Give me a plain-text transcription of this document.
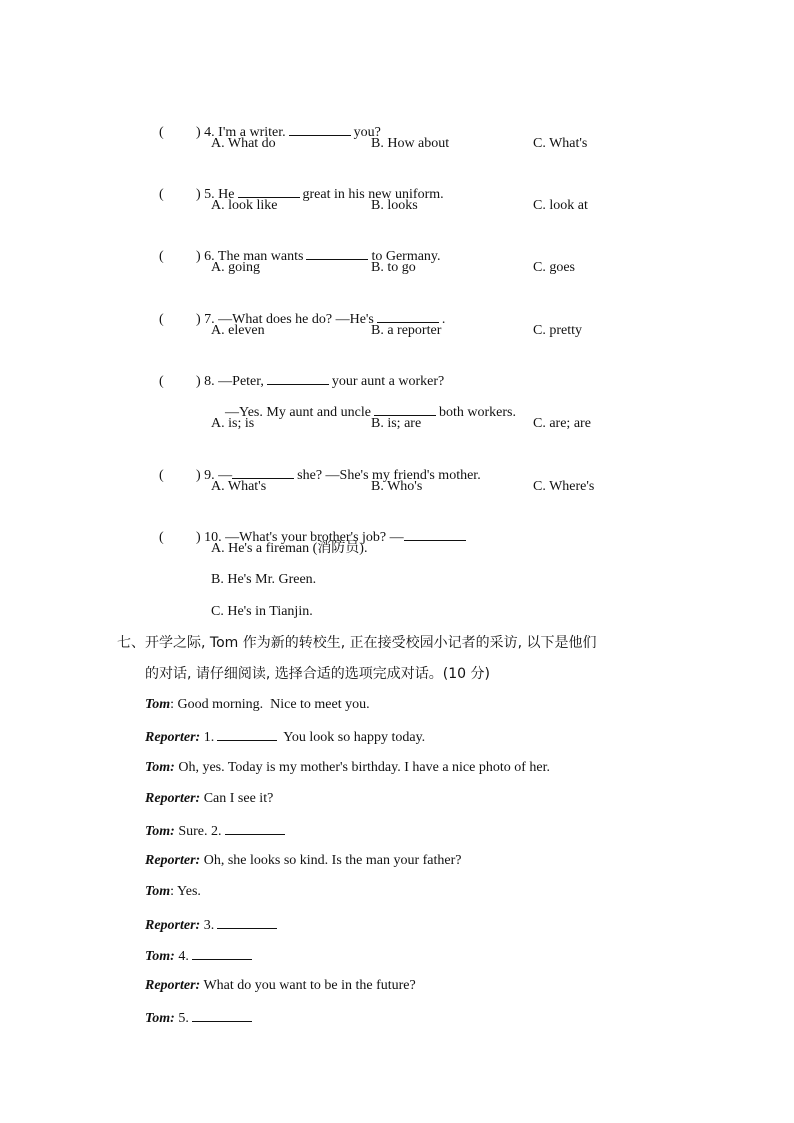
( ) 4. I'm a writer.	you?

A. What do	B. How about	C. What's

( ) 5. He	great in his new uniform.

A. look like	B. looks	C. look at

( ) 6. The man wants	to Germany.

A. going	B. to go	C. goes

( ) 7. —What does he do? —He's	.

A. eleven	B. a reporter	C. pretty

( ) 8. —Peter,	your aunt a worker?

—Yes. My aunt and uncle	both workers.

A. is; is	B. is; are	C. are; are

( ) 9. —	she? —She's my friend's mother.

A. What's	B. Who's	C. Where's

( ) 10. —What's your brother's job? —

A. He's a fireman (消防员).
B. He's Mr. Green.
C. He's in Tianjin.
七、开学之际, Tom 作为新的转校生, 正在接受校园小记者的采访, 以下是他们
的对话, 请仔细阅读, 选择合适的选项完成对话。(10 分)
Tom: Good morning.  Nice to meet you.
Reporter: 1.	You look so happy today.
Tom: Oh, yes. Today is my mother's birthday. I have a nice photo of her.
Reporter: Can I see it?
Tom: Sure. 2.
Reporter: Oh, she looks so kind. Is the man your father?
Tom: Yes.
Reporter: 3.
Tom: 4.
Reporter: What do you want to be in the future?
Tom: 5.
